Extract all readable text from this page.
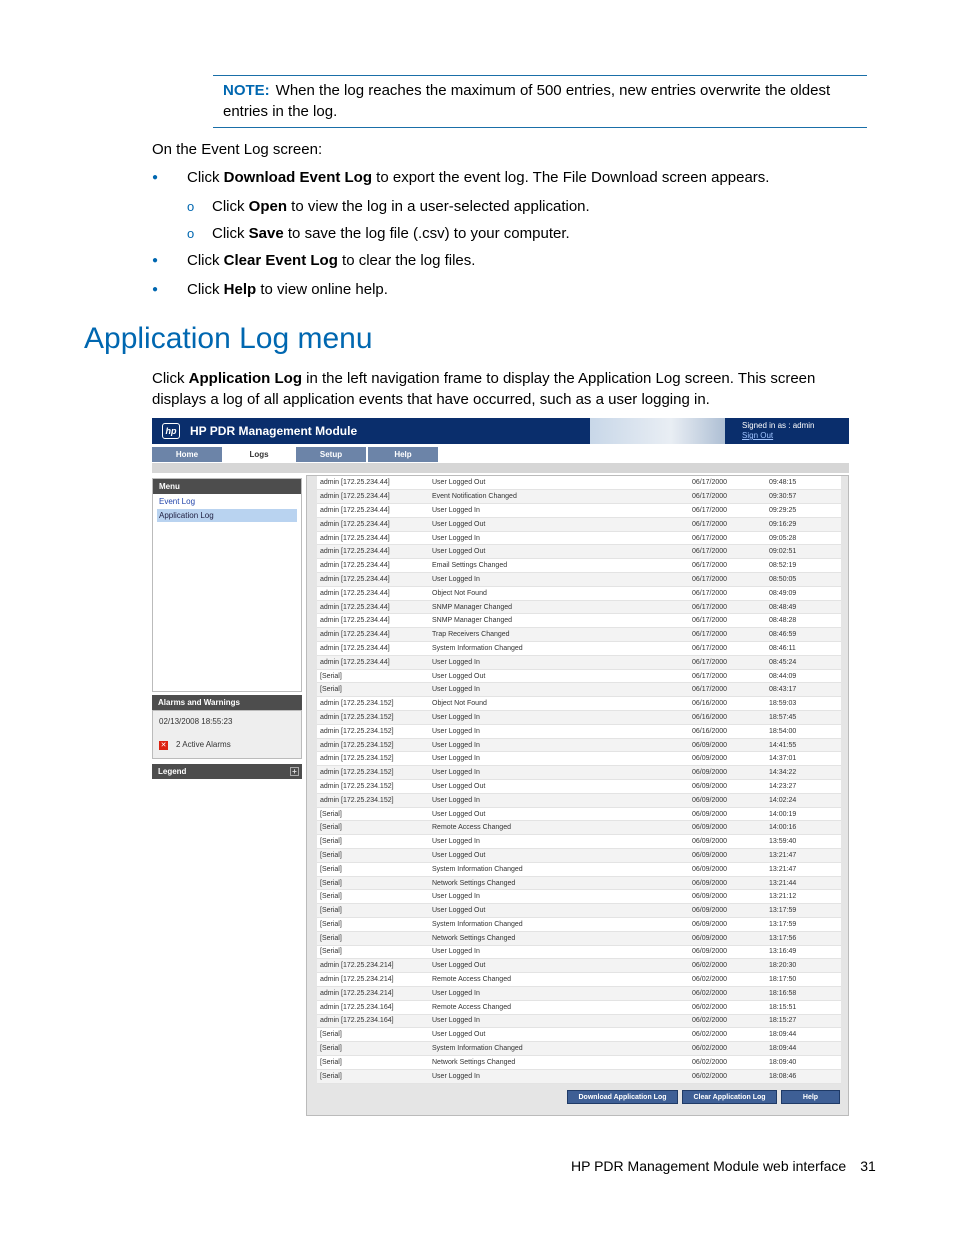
NOTE: When the log reaches the maximum of 500 entries, new entries overwrite the oldest entries in the log.
On the Event Log screen:
● Click Download Event Log to export the event log. The File Download screen appears.
o Click Open to view the log in a user-selected application.
o Click Save to save the log file (.csv) to your computer.
● Click Clear Event Log to clear the log files.
● Click Help to view online help.
Application Log menu
Click Application Log in the left navigation frame to display the Application Log screen. This screen displays a log of all application events that have occurred, such as a user logging in.
hp HP PDR Management Module	Signed in as : admin
Sign Out
Home	Logs	Setup	Help
Menu
Event Log
Application Log
Alarms and Warnings
02/13/2008 18:55:23
✕ 2 Active Alarms
Legend	+
admin [172.25.234.44]	User Logged Out	06/17/2000	09:48:15
admin [172.25.234.44]	Event Notification Changed	06/17/2000	09:30:57
admin [172.25.234.44]	User Logged In	06/17/2000	09:29:25
admin [172.25.234.44]	User Logged Out	06/17/2000	09:16:29
admin [172.25.234.44]	User Logged In	06/17/2000	09:05:28
admin [172.25.234.44]	User Logged Out	06/17/2000	09:02:51
admin [172.25.234.44]	Email Settings Changed	06/17/2000	08:52:19
admin [172.25.234.44]	User Logged In	06/17/2000	08:50:05
admin [172.25.234.44]	Object Not Found	06/17/2000	08:49:09
admin [172.25.234.44]	SNMP Manager Changed	06/17/2000	08:48:49
admin [172.25.234.44]	SNMP Manager Changed	06/17/2000	08:48:28
admin [172.25.234.44]	Trap Receivers Changed	06/17/2000	08:46:59
admin [172.25.234.44]	System Information Changed	06/17/2000	08:46:11
admin [172.25.234.44]	User Logged In	06/17/2000	08:45:24
[Serial]	User Logged Out	06/17/2000	08:44:09
[Serial]	User Logged In	06/17/2000	08:43:17
admin [172.25.234.152]	Object Not Found	06/16/2000	18:59:03
admin [172.25.234.152]	User Logged In	06/16/2000	18:57:45
admin [172.25.234.152]	User Logged In	06/16/2000	18:54:00
admin [172.25.234.152]	User Logged In	06/09/2000	14:41:55
admin [172.25.234.152]	User Logged In	06/09/2000	14:37:01
admin [172.25.234.152]	User Logged In	06/09/2000	14:34:22
admin [172.25.234.152]	User Logged Out	06/09/2000	14:23:27
admin [172.25.234.152]	User Logged In	06/09/2000	14:02:24
[Serial]	User Logged Out	06/09/2000	14:00:19
[Serial]	Remote Access Changed	06/09/2000	14:00:16
[Serial]	User Logged In	06/09/2000	13:59:40
[Serial]	User Logged Out	06/09/2000	13:21:47
[Serial]	System Information Changed	06/09/2000	13:21:47
[Serial]	Network Settings Changed	06/09/2000	13:21:44
[Serial]	User Logged In	06/09/2000	13:21:12
[Serial]	User Logged Out	06/09/2000	13:17:59
[Serial]	System Information Changed	06/09/2000	13:17:59
[Serial]	Network Settings Changed	06/09/2000	13:17:56
[Serial]	User Logged In	06/09/2000	13:16:49
admin [172.25.234.214]	User Logged Out	06/02/2000	18:20:30
admin [172.25.234.214]	Remote Access Changed	06/02/2000	18:17:50
admin [172.25.234.214]	User Logged In	06/02/2000	18:16:58
admin [172.25.234.164]	Remote Access Changed	06/02/2000	18:15:51
admin [172.25.234.164]	User Logged In	06/02/2000	18:15:27
[Serial]	User Logged Out	06/02/2000	18:09:44
[Serial]	System Information Changed	06/02/2000	18:09:44
[Serial]	Network Settings Changed	06/02/2000	18:09:40
[Serial]	User Logged In	06/02/2000	18:08:46
Download Application Log	Clear Application Log	Help
HP PDR Management Module web interface 31
